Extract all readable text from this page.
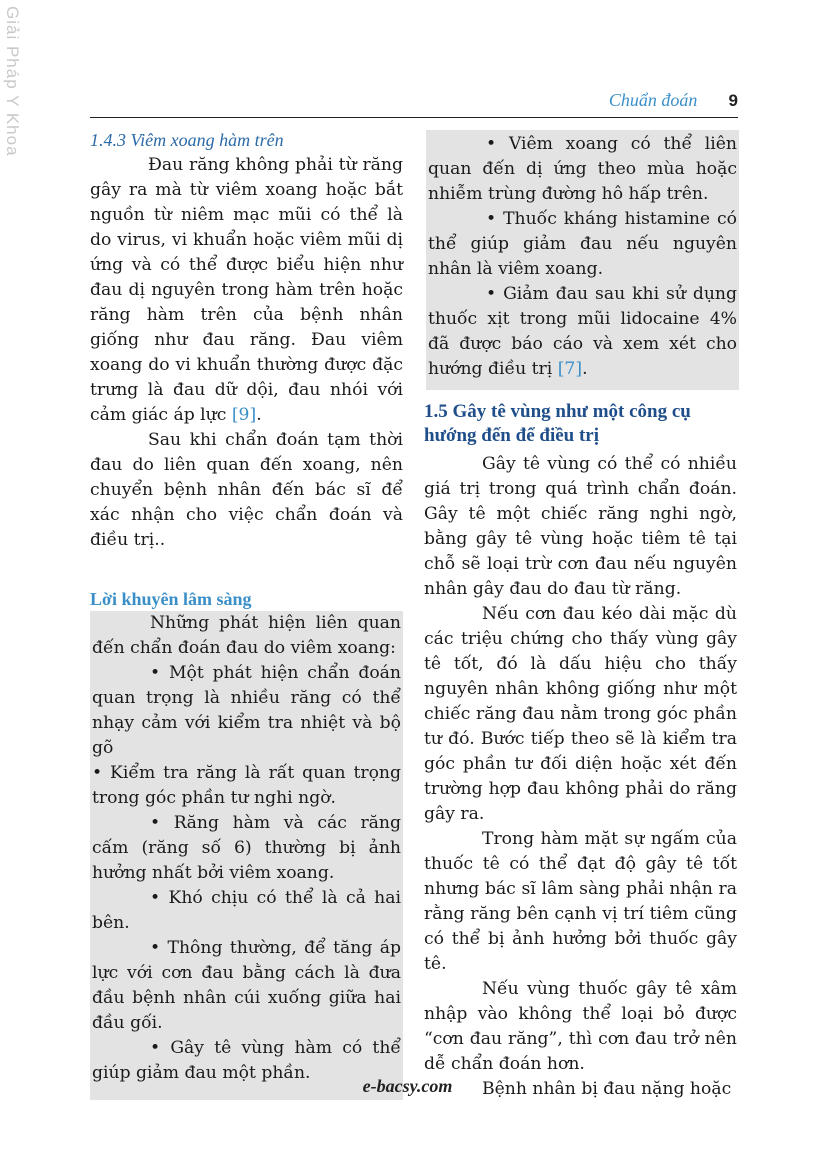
Giải Pháp Y Khoa	Chuẩn đoán 9

1.4.3 Viêm xoang hàm trên

Đau răng không phải từ răng gây ra mà từ viêm xoang hoặc bắt nguồn từ niêm mạc mũi có thể là do virus, vi khuẩn hoặc viêm mũi dị ứng và có thể được biểu hiện như đau dị nguyên trong hàm trên hoặc răng hàm trên của bệnh nhân giống như đau răng. Đau viêm xoang do vi khuẩn thường được đặc trưng là đau dữ dội, đau nhói với cảm giác áp lực [9].

Sau khi chẩn đoán tạm thời đau do liên quan đến xoang, nên chuyển bệnh nhân đến bác sĩ để xác nhận cho việc chẩn đoán và điều trị..

Lời khuyên lâm sàng

Những phát hiện liên quan đến chẩn đoán đau do viêm xoang:

• Một phát hiện chẩn đoán quan trọng là nhiều răng có thể nhạy cảm với kiểm tra nhiệt và bộ gõ

• Kiểm tra răng là rất quan trọng trong góc phần tư nghi ngờ.

• Răng hàm và các răng cấm (răng số 6) thường bị ảnh hưởng nhất bởi viêm xoang.

• Khó chịu có thể là cả hai bên.

• Thông thường, để tăng áp lực với cơn đau bằng cách là đưa đầu bệnh nhân cúi xuống giữa hai đầu gối.

• Gây tê vùng hàm có thể giúp giảm đau một phần.

• Viêm xoang có thể liên quan đến dị ứng theo mùa hoặc nhiễm trùng đường hô hấp trên.

• Thuốc kháng histamine có thể giúp giảm đau nếu nguyên nhân là viêm xoang.

• Giảm đau sau khi sử dụng thuốc xịt trong mũi lidocaine 4% đã được báo cáo và xem xét cho hướng điều trị [7].

1.5 Gây tê vùng như một công cụ hướng đến để điều trị

Gây tê vùng có thể có nhiều giá trị trong quá trình chẩn đoán. Gây tê một chiếc răng nghi ngờ, bằng gây tê vùng hoặc tiêm tê tại chỗ sẽ loại trừ cơn đau nếu nguyên nhân gây đau do đau từ răng.

Nếu cơn đau kéo dài mặc dù các triệu chứng cho thấy vùng gây tê tốt, đó là dấu hiệu cho thấy nguyên nhân không giống như một chiếc răng đau nằm trong góc phần tư đó. Bước tiếp theo sẽ là kiểm tra góc phần tư đối diện hoặc xét đến trường hợp đau không phải do răng gây ra.

Trong hàm mặt sự ngấm của thuốc tê có thể đạt độ gây tê tốt nhưng bác sĩ lâm sàng phải nhận ra rằng răng bên cạnh vị trí tiêm cũng có thể bị ảnh hưởng bởi thuốc gây tê.

Nếu vùng thuốc gây tê xâm nhập vào không thể loại bỏ được “cơn đau răng”, thì cơn đau trở nên dễ chẩn đoán hơn.

Bệnh nhân bị đau nặng hoặc

e-bacsy.com
